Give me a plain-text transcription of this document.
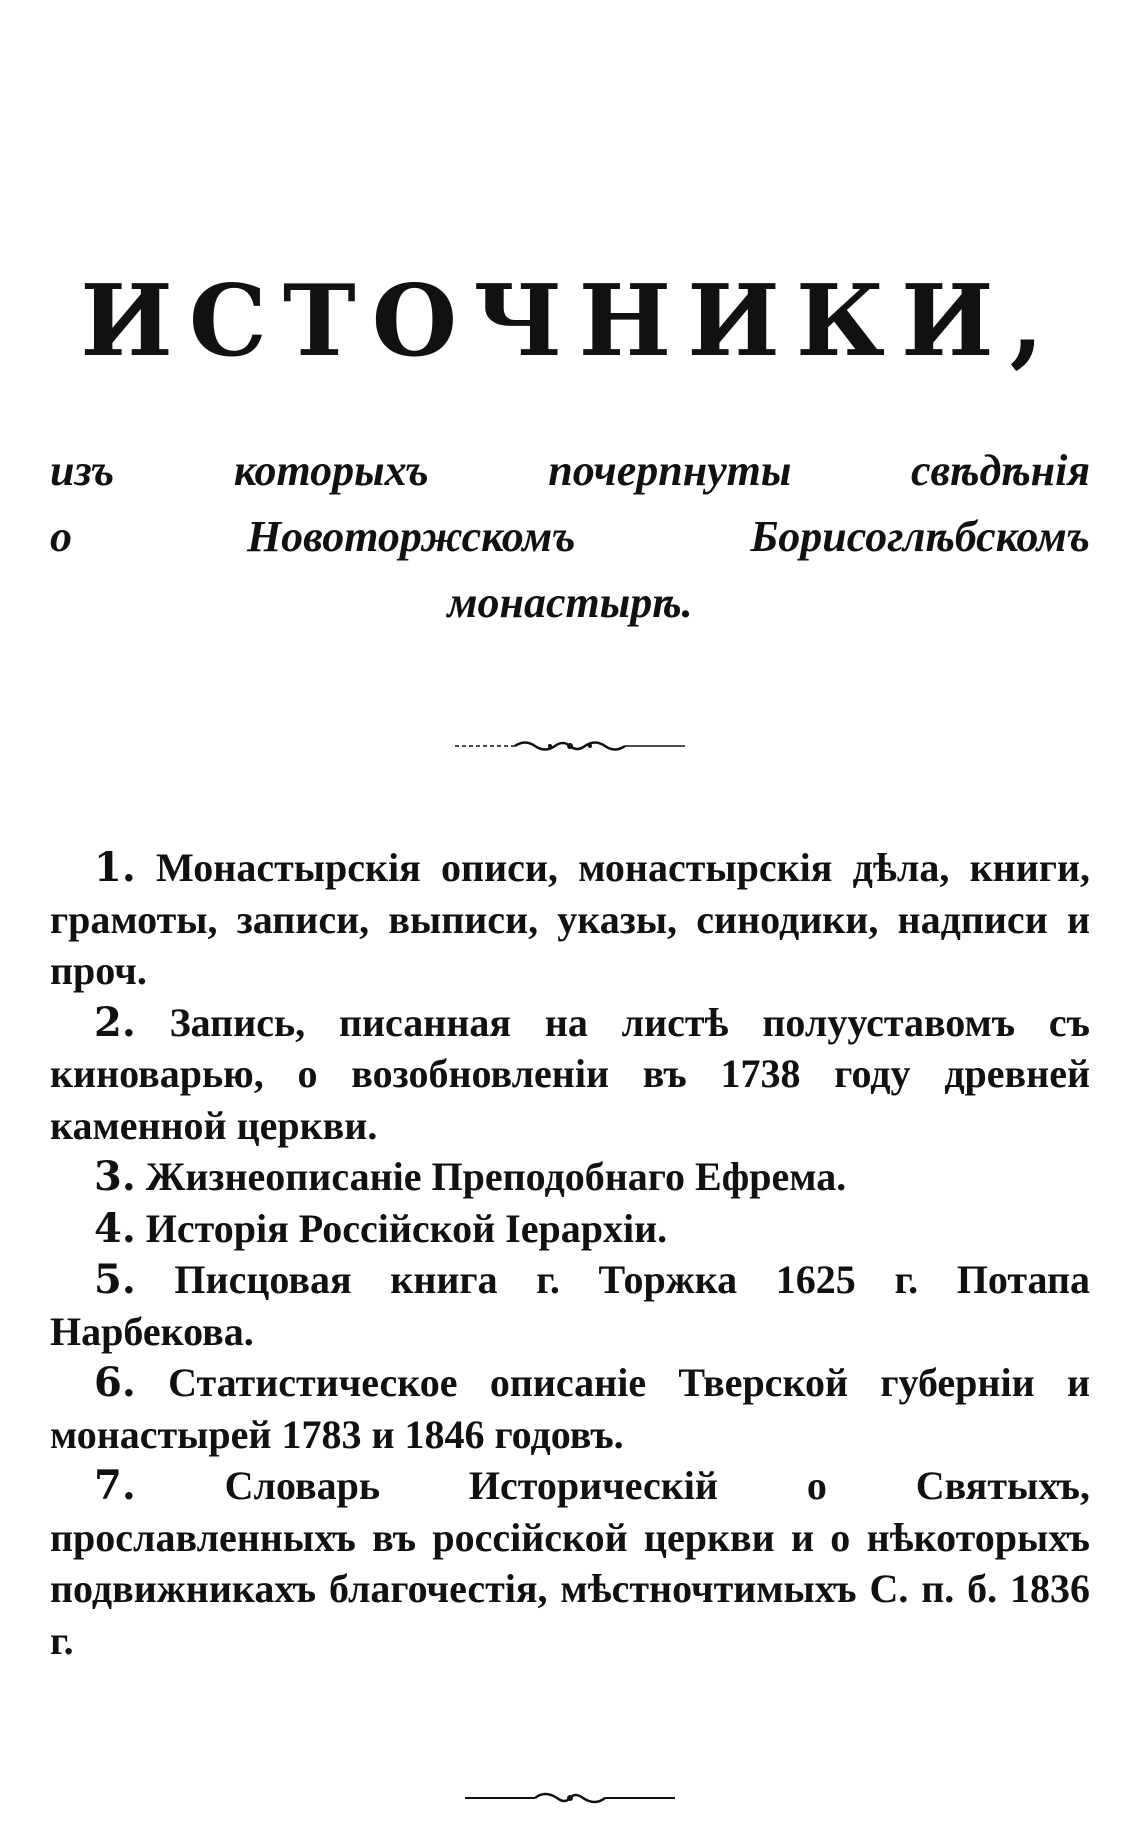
ИСТОЧНИКИ,
изъ	которыхъ	почерпнуты	свѣдѣнія
о	Новоторжскомъ	Борисоглѣбскомъ
монастырѣ.

1. Монастырскія описи, монастырскія дѣла, книги, грамоты, записи, выписи, указы, синодики, надписи и проч.

2. Запись, писанная на листѣ полууставомъ съ киноварью, о возобновленіи въ 1738 году древней каменной церкви.

3. Жизнеописаніе Преподобнаго Ефрема.

4. Исторія Россійской Іерархіи.

5. Писцовая книга г. Торжка 1625 г. Потапа Нарбекова.

6. Статистическое описаніе Тверской губерніи и монастырей 1783 и 1846 годовъ.

7. Словарь Историческій о Святыхъ, прославленныхъ въ россійской церкви и о нѣкоторыхъ подвижникахъ благочестія, мѣстночтимыхъ С. п. б. 1836 г.
